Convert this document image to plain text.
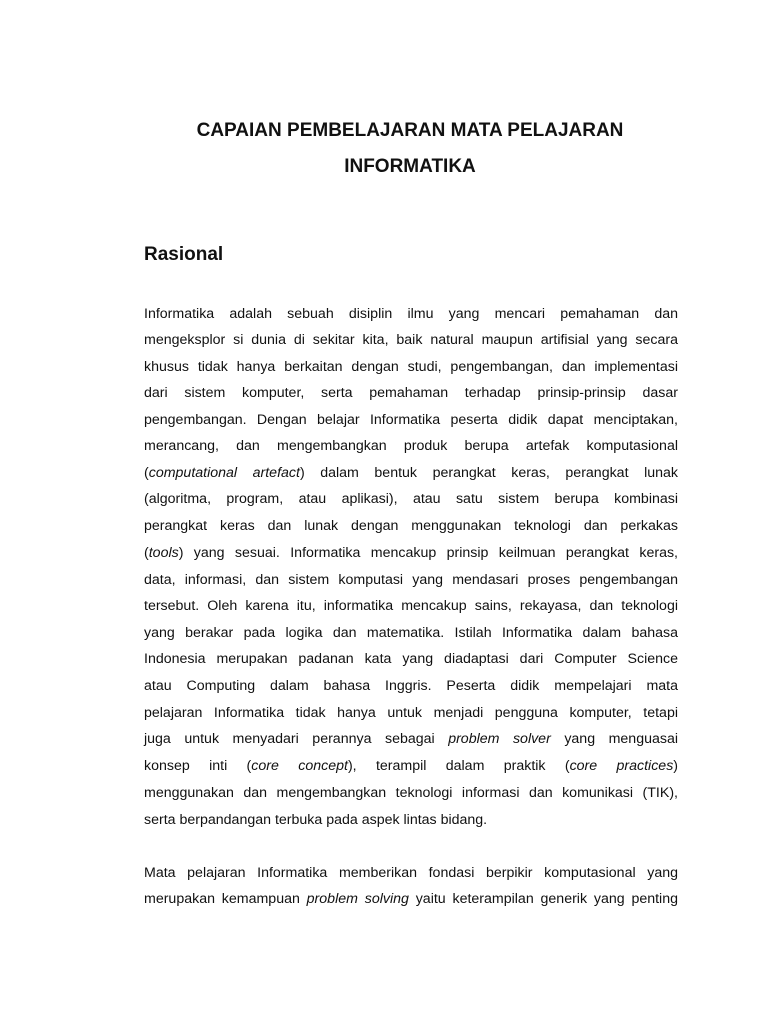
CAPAIAN PEMBELAJARAN MATA PELAJARAN
INFORMATIKA
Rasional

Informatika adalah sebuah disiplin ilmu yang mencari pemahaman dan

mengeksplor si dunia di sekitar kita, baik natural maupun artifisial yang secara

khusus tidak hanya berkaitan dengan studi, pengembangan, dan implementasi

dari sistem komputer, serta pemahaman terhadap prinsip-prinsip dasar

pengembangan. Dengan belajar Informatika peserta didik dapat menciptakan,

merancang, dan mengembangkan produk berupa artefak komputasional

(computational artefact) dalam bentuk perangkat keras, perangkat lunak

(algoritma, program, atau aplikasi), atau satu sistem berupa kombinasi

perangkat keras dan lunak dengan menggunakan teknologi dan perkakas

(tools) yang sesuai. Informatika mencakup prinsip keilmuan perangkat keras,

data, informasi, dan sistem komputasi yang mendasari proses pengembangan

tersebut. Oleh karena itu, informatika mencakup sains, rekayasa, dan teknologi

yang berakar pada logika dan matematika. Istilah Informatika dalam bahasa

Indonesia merupakan padanan kata yang diadaptasi dari Computer Science

atau Computing dalam bahasa Inggris. Peserta didik mempelajari mata

pelajaran Informatika tidak hanya untuk menjadi pengguna komputer, tetapi

juga untuk menyadari perannya sebagai problem solver yang menguasai

konsep inti (core concept), terampil dalam praktik (core practices)

menggunakan dan mengembangkan teknologi informasi dan komunikasi (TIK),

serta berpandangan terbuka pada aspek lintas bidang.

Mata pelajaran Informatika memberikan fondasi berpikir komputasional yang

merupakan kemampuan problem solving yaitu keterampilan generik yang penting
